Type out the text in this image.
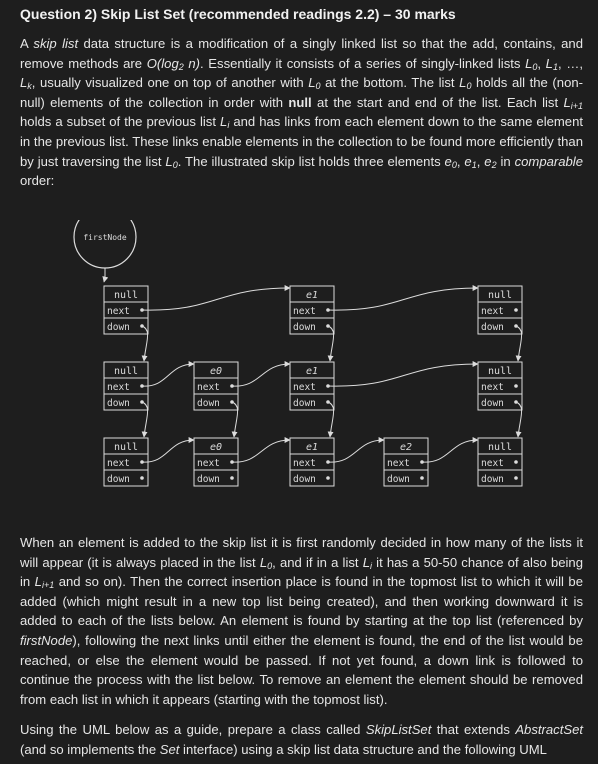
Question 2) Skip List Set (recommended readings 2.2) – 30 marks
A skip list data structure is a modification of a singly linked list so that the add, contains, and remove methods are $O(\log_2$ n). Essentially it consists of a series of singly-linked lists $L_0$, $L_1$, …, $L_k$, usually visualized one on top of another with $L_0$ at the bottom. The list $L_0$ holds all the (non-null) elements of the collection in order with null at the start and end of the list. Each list $L_{i+1}$ holds a subset of the previous list $L_i$ and has links from each element down to the same element in the previous list. These links enable elements in the collection to be found more efficiently than by just traversing the list $L_0$. The illustrated skip list holds three elements $e_0$, $e_1$, $e_2$ in comparable order:
firstNode
null
next
down
e1
next
down
null
next
down
null
next
down
e0
next
down
e1
next
down
null
next
down
null
next
down
e0
next
down
e1
next
down
e2
next
down
null
next
down
When an element is added to the skip list it is first randomly decided in how many of the lists it will appear (it is always placed in the list $L_0$, and if in a list $L_i$ it has a 50-50 chance of also being in $L_{i+1}$ and so on). Then the correct insertion place is found in the topmost list to which it will be added (which might result in a new top list being created), and then working downward it is added to each of the lists below. An element is found by starting at the top list (referenced by firstNode), following the next links until either the element is found, the end of the list would be reached, or else the element would be passed. If not yet found, a down link is followed to continue the process with the list below. To remove an element the element should be removed from each list in which it appears (starting with the topmost list).
Using the UML below as a guide, prepare a class called SkipListSet that extends AbstractSet (and so implements the Set interface) using a skip list data structure and the following UML
